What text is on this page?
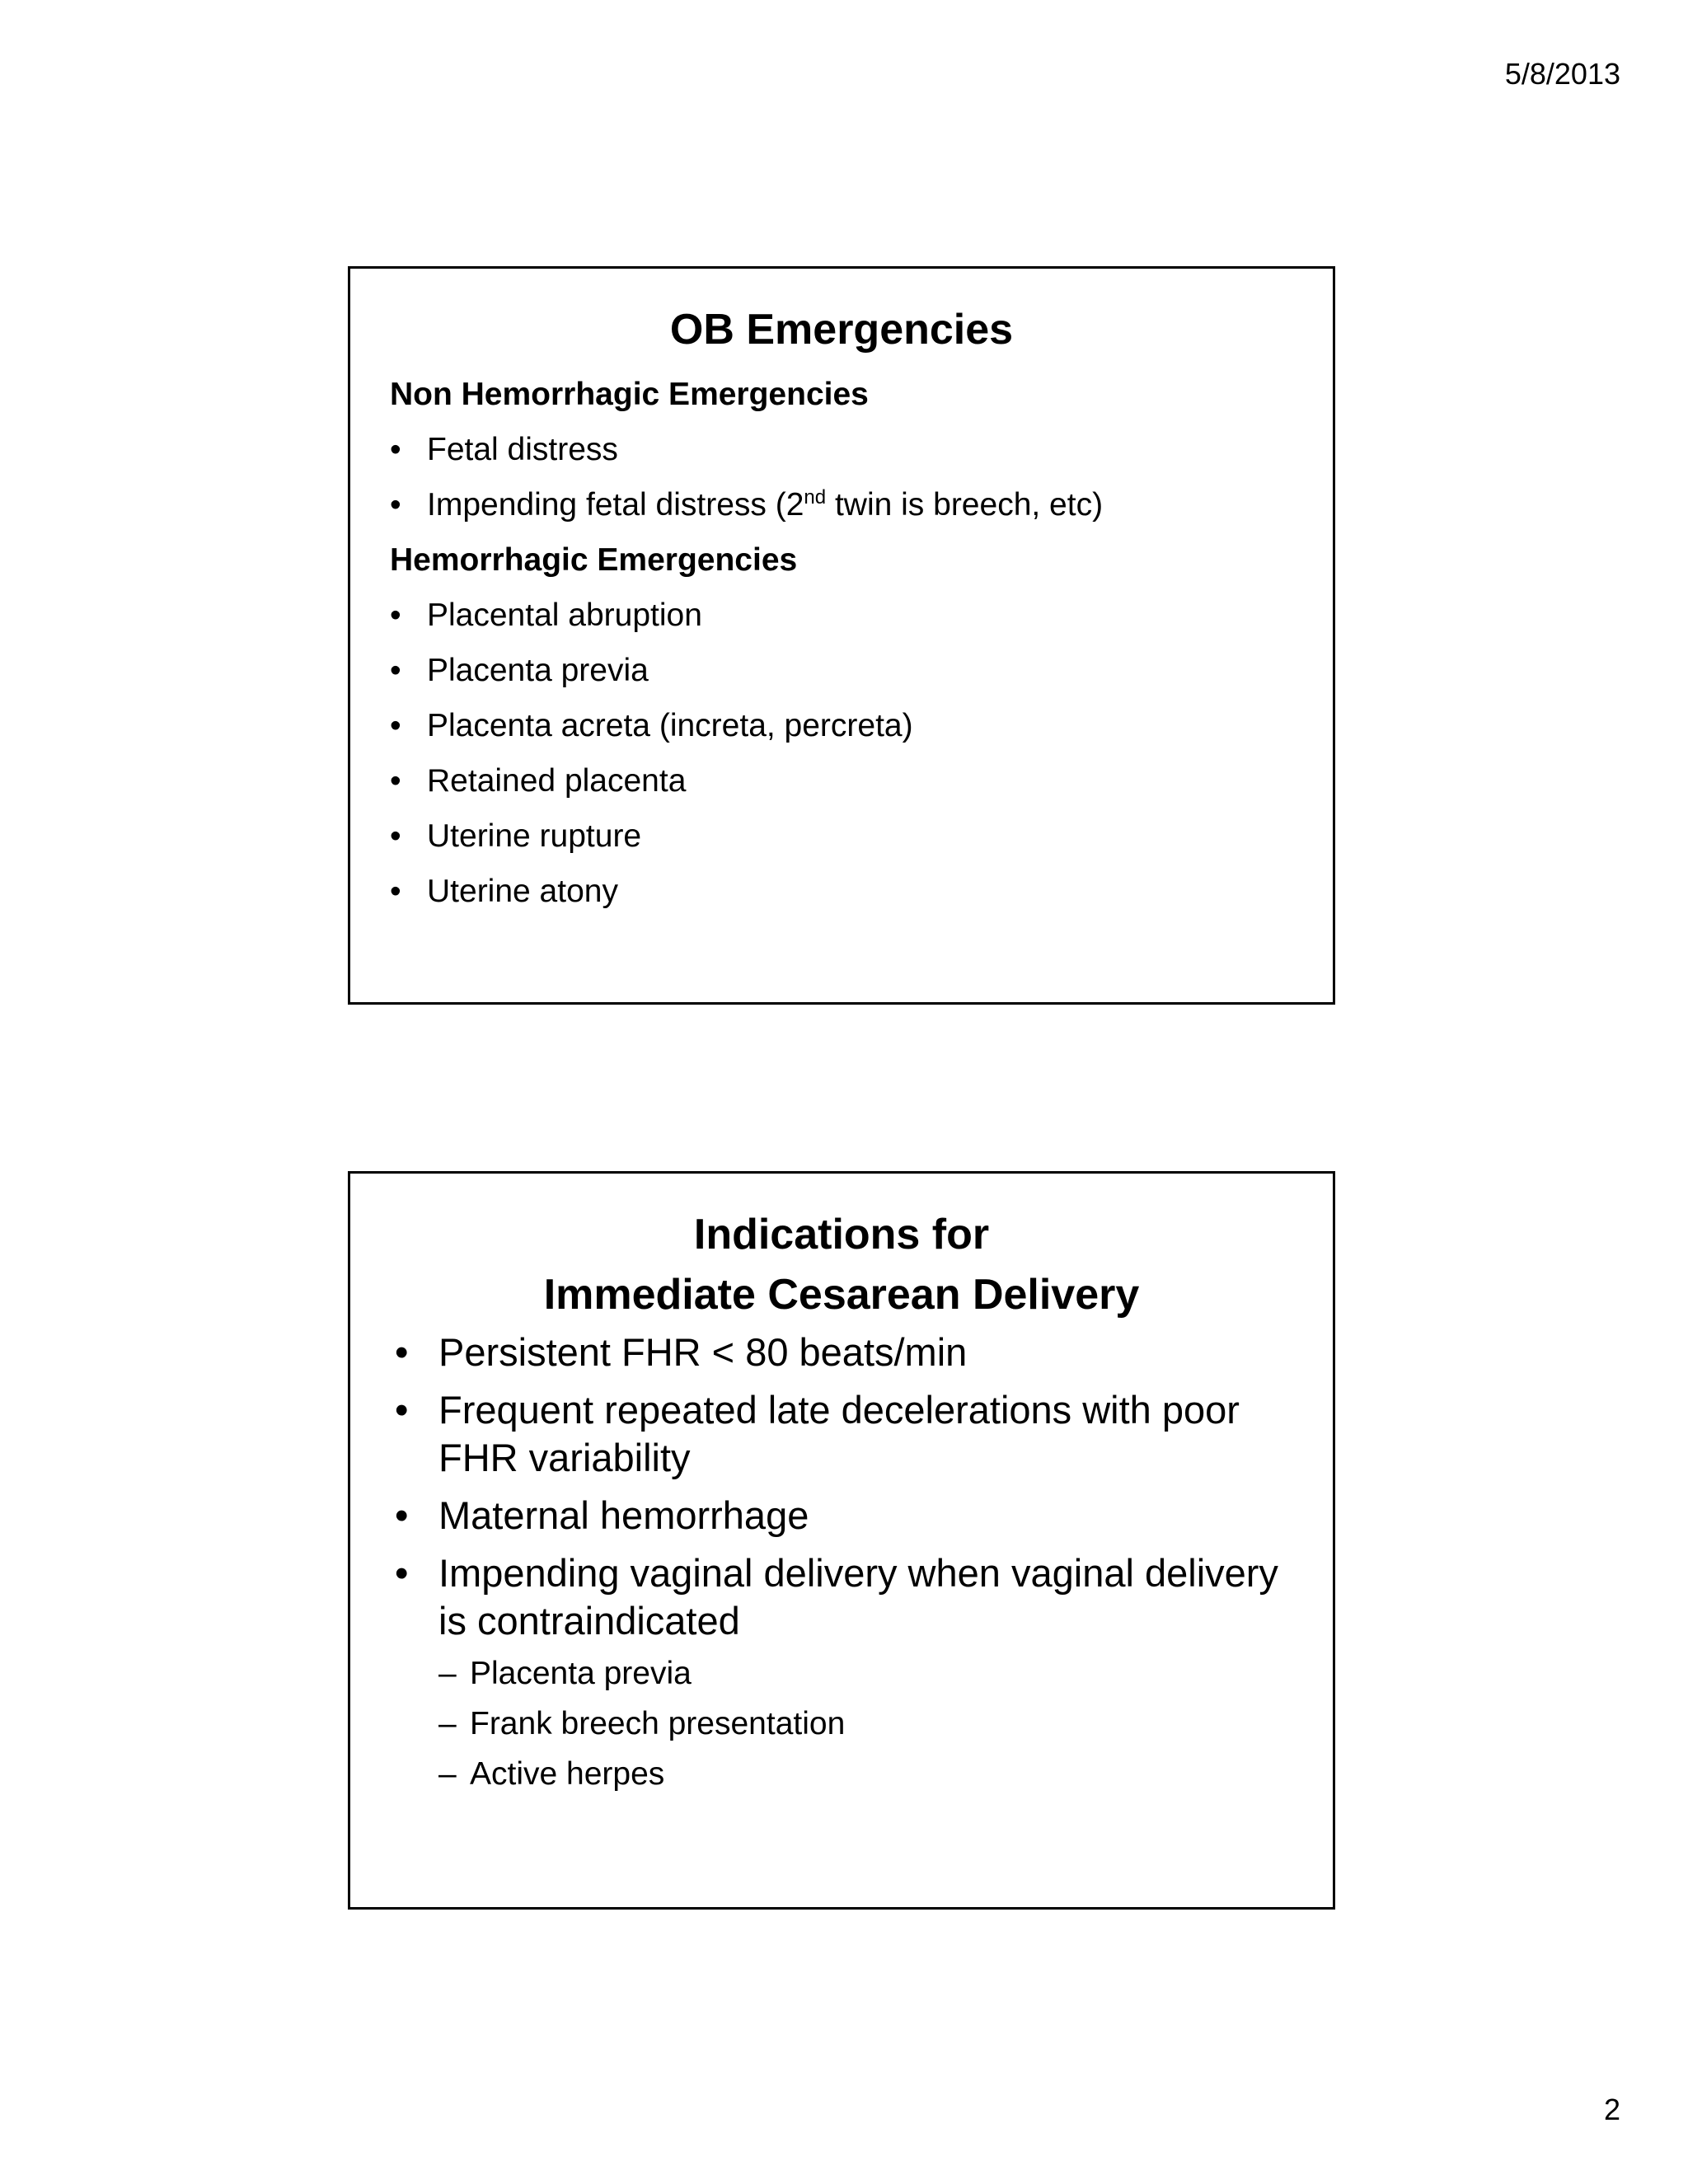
5/8/2013
OB Emergencies

Non Hemorrhagic Emergencies

• Fetal distress
• Impending fetal distress (2nd twin is breech, etc)

Hemorrhagic Emergencies

• Placental abruption
• Placenta previa
• Placenta acreta (increta, percreta)
• Retained placenta
• Uterine rupture
• Uterine atony
Indications for
Immediate Cesarean Delivery
• Persistent FHR < 80 beats/min
• Frequent repeated late decelerations with poor FHR variability
• Maternal hemorrhage
• Impending vaginal delivery when vaginal delivery is contraindicated
– Placenta previa
– Frank breech presentation
– Active herpes
2
